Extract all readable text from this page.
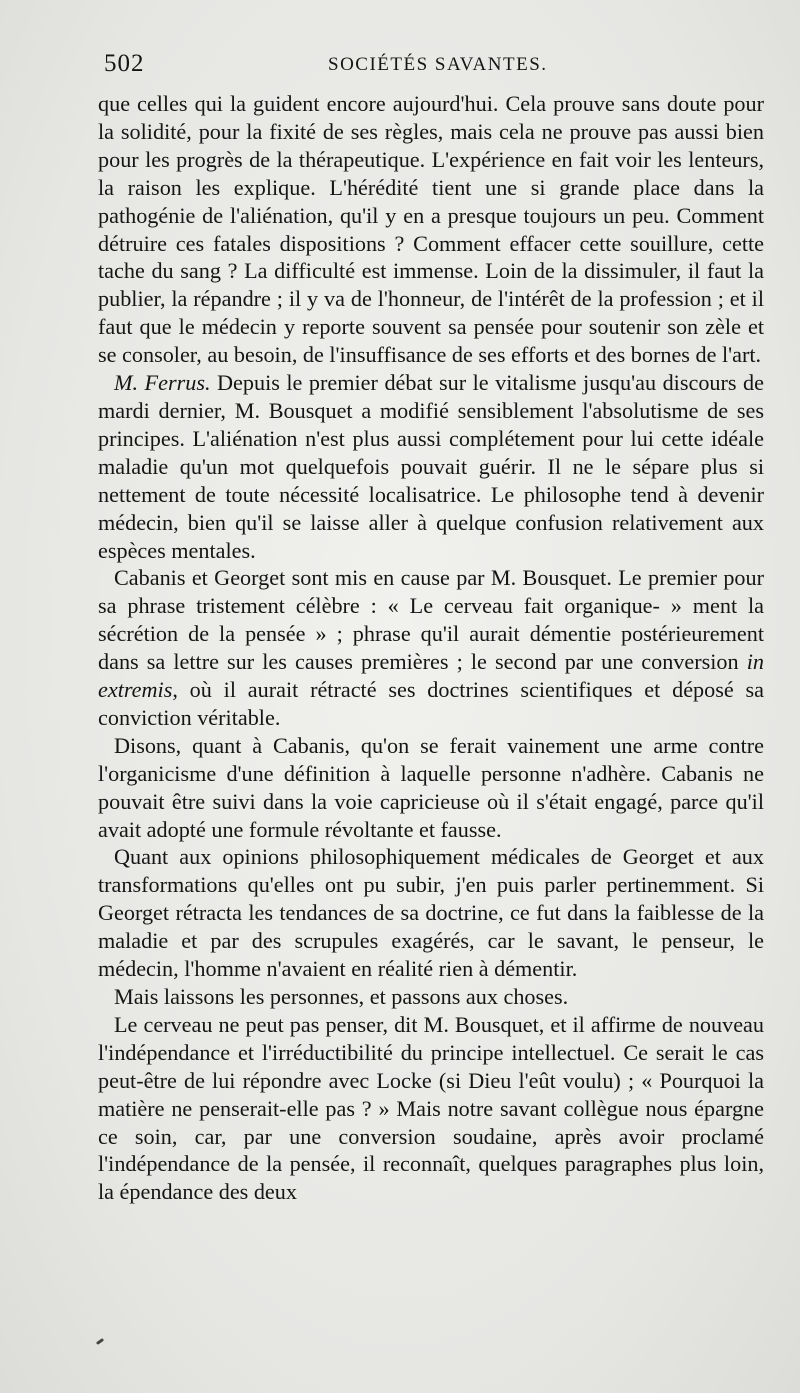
502	SOCIÉTÉS SAVANTES.

que celles qui la guident encore aujourd'hui. Cela prouve sans doute pour la solidité, pour la fixité de ses règles, mais cela ne prouve pas aussi bien pour les progrès de la thérapeutique. L'expérience en fait voir les lenteurs, la raison les explique. L'hérédité tient une si grande place dans la pathogénie de l'aliénation, qu'il y en a presque toujours un peu. Comment détruire ces fatales dispositions ? Comment effacer cette souillure, cette tache du sang ? La difficulté est immense. Loin de la dissimuler, il faut la publier, la répandre ; il y va de l'honneur, de l'intérêt de la profession ; et il faut que le médecin y reporte souvent sa pensée pour soutenir son zèle et se consoler, au besoin, de l'insuffisance de ses efforts et des bornes de l'art.

M. Ferrus. Depuis le premier débat sur le vitalisme jusqu'au discours de mardi dernier, M. Bousquet a modifié sensiblement l'absolutisme de ses principes. L'aliénation n'est plus aussi complétement pour lui cette idéale maladie qu'un mot quelquefois pouvait guérir. Il ne le sépare plus si nettement de toute nécessité localisatrice. Le philosophe tend à devenir médecin, bien qu'il se laisse aller à quelque confusion relativement aux espèces mentales.

Cabanis et Georget sont mis en cause par M. Bousquet. Le premier pour sa phrase tristement célèbre : « Le cerveau fait organique- » ment la sécrétion de la pensée » ; phrase qu'il aurait démentie postérieurement dans sa lettre sur les causes premières ; le second par une conversion in extremis, où il aurait rétracté ses doctrines scientifiques et déposé sa conviction véritable.

Disons, quant à Cabanis, qu'on se ferait vainement une arme contre l'organicisme d'une définition à laquelle personne n'adhère. Cabanis ne pouvait être suivi dans la voie capricieuse où il s'était engagé, parce qu'il avait adopté une formule révoltante et fausse.

Quant aux opinions philosophiquement médicales de Georget et aux transformations qu'elles ont pu subir, j'en puis parler pertinemment. Si Georget rétracta les tendances de sa doctrine, ce fut dans la faiblesse de la maladie et par des scrupules exagérés, car le savant, le penseur, le médecin, l'homme n'avaient en réalité rien à démentir.

Mais laissons les personnes, et passons aux choses.

Le cerveau ne peut pas penser, dit M. Bousquet, et il affirme de nouveau l'indépendance et l'irréductibilité du principe intellectuel. Ce serait le cas peut-être de lui répondre avec Locke (si Dieu l'eût voulu) ; « Pourquoi la matière ne penserait-elle pas ? » Mais notre savant collègue nous épargne ce soin, car, par une conversion soudaine, après avoir proclamé l'indépendance de la pensée, il reconnaît, quelques paragraphes plus loin, la épendance des deux
